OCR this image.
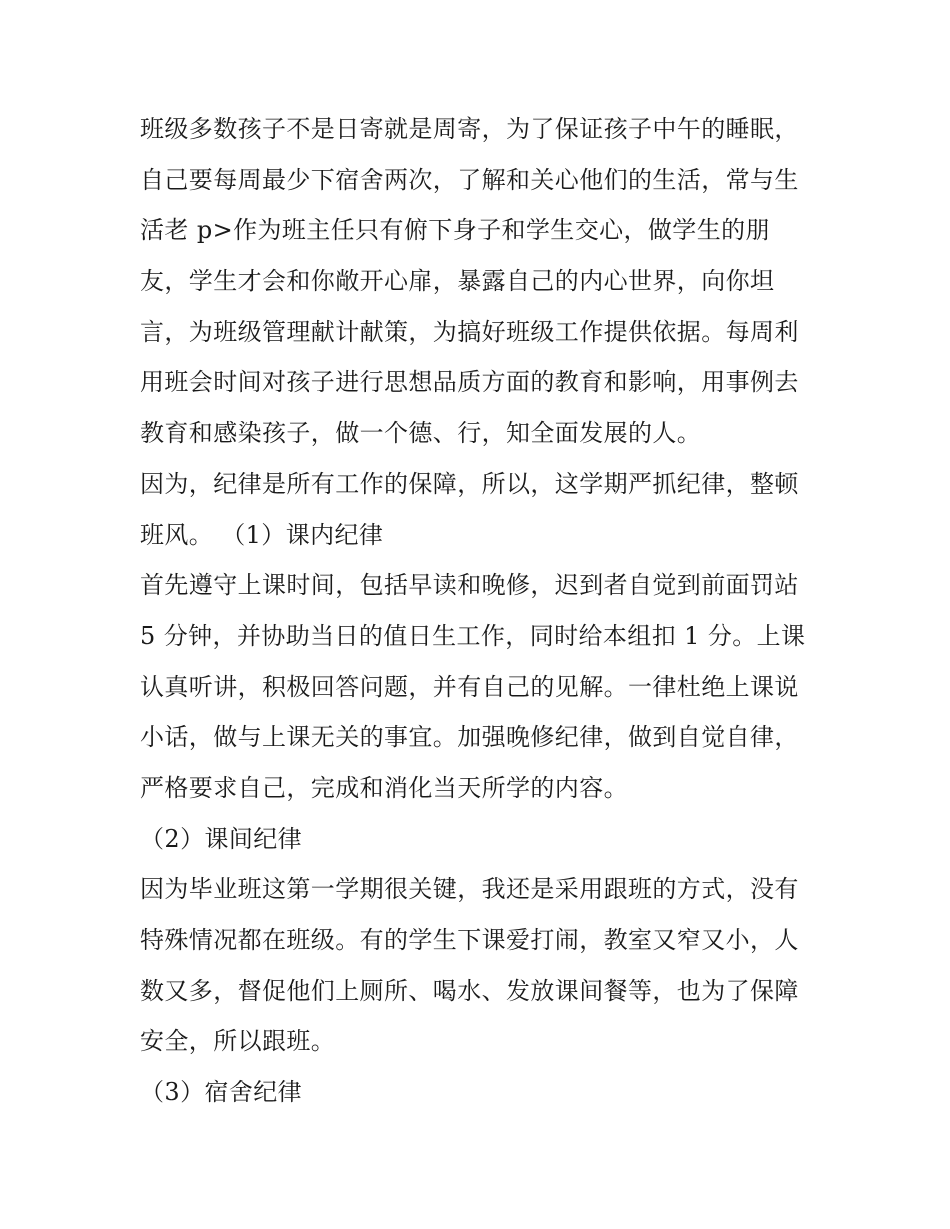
班级多数孩子不是日寄就是周寄，为了保证孩子中午的睡眠，
自己要每周最少下宿舍两次，了解和关心他们的生活，常与生
活老 p>作为班主任只有俯下身子和学生交心，做学生的朋
友，学生才会和你敞开心扉，暴露自己的内心世界，向你坦
言，为班级管理献计献策，为搞好班级工作提供依据。每周利
用班会时间对孩子进行思想品质方面的教育和影响，用事例去
教育和感染孩子，做一个德、行，知全面发展的人。
因为，纪律是所有工作的保障，所以，这学期严抓纪律，整顿
班风。 （1）课内纪律
首先遵守上课时间，包括早读和晚修，迟到者自觉到前面罚站
5 分钟，并协助当日的值日生工作，同时给本组扣 1 分。上课
认真听讲，积极回答问题，并有自己的见解。一律杜绝上课说
小话，做与上课无关的事宜。加强晚修纪律，做到自觉自律，
严格要求自己，完成和消化当天所学的内容。
（2）课间纪律
因为毕业班这第一学期很关键，我还是采用跟班的方式，没有
特殊情况都在班级。有的学生下课爱打闹，教室又窄又小，人
数又多，督促他们上厕所、喝水、发放课间餐等，也为了保障
安全，所以跟班。
（3）宿舍纪律
